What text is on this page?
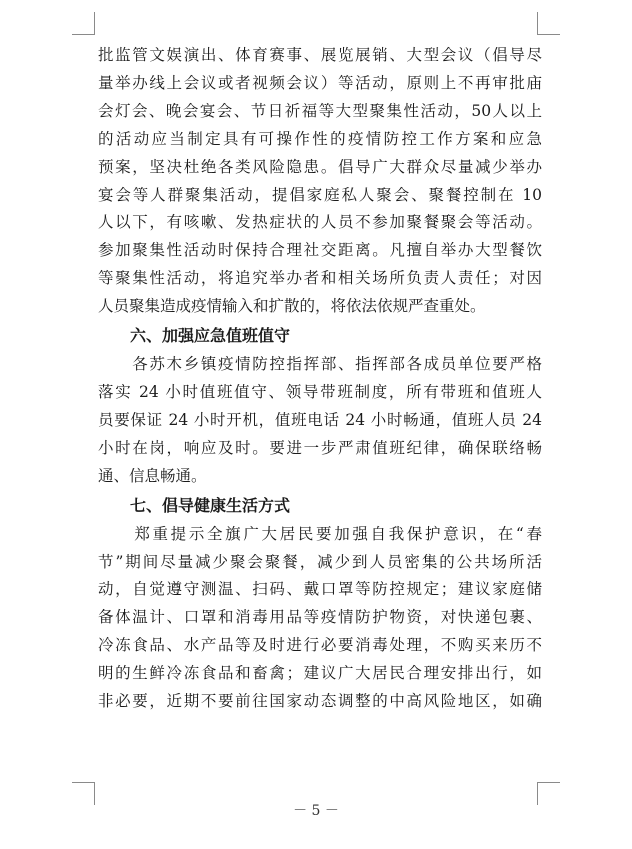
批监管文娱演出、体育赛事、展览展销、大型会议（倡导尽
量举办线上会议或者视频会议）等活动，原则上不再审批庙
会灯会、晚会宴会、节日祈福等大型聚集性活动，50人以上
的活动应当制定具有可操作性的疫情防控工作方案和应急
预案，坚决杜绝各类风险隐患。倡导广大群众尽量减少举办
宴会等人群聚集活动，提倡家庭私人聚会、聚餐控制在 10
人以下，有咳嗽、发热症状的人员不参加聚餐聚会等活动。
参加聚集性活动时保持合理社交距离。凡擅自举办大型餐饮
等聚集性活动，将追究举办者和相关场所负责人责任；对因
人员聚集造成疫情输入和扩散的，将依法依规严查重处。

六、加强应急值班值守

　　各苏木乡镇疫情防控指挥部、指挥部各成员单位要严格
落实 24 小时值班值守、领导带班制度，所有带班和值班人
员要保证 24 小时开机，值班电话 24 小时畅通，值班人员 24
小时在岗，响应及时。要进一步严肃值班纪律，确保联络畅
通、信息畅通。

七、倡导健康生活方式

　　郑重提示全旗广大居民要加强自我保护意识，在“春
节”期间尽量减少聚会聚餐，减少到人员密集的公共场所活
动，自觉遵守测温、扫码、戴口罩等防控规定；建议家庭储
备体温计、口罩和消毒用品等疫情防护物资，对快递包裹、
冷冻食品、水产品等及时进行必要消毒处理，不购买来历不
明的生鲜冷冻食品和畜禽；建议广大居民合理安排出行，如
非必要，近期不要前往国家动态调整的中高风险地区，如确

－ 5 －
